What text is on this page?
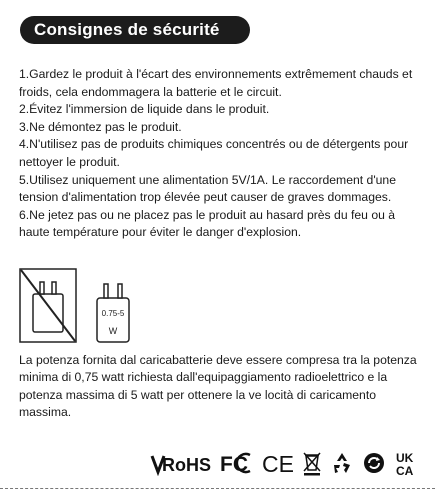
Consignes de sécurité

1.Gardez le produit à l'écart des environnements extrêmement chauds et froids, cela endommagera la batterie et le circuit.

2.Évitez l'immersion de liquide dans le produit.

3.Ne démontez pas le produit.

4.N'utilisez pas de produits chimiques concentrés ou de détergents pour nettoyer le produit.

5.Utilisez uniquement une alimentation 5V/1A. Le raccordement d'une tension d'alimentation trop élevée peut causer de graves dommages.

6.Ne jetez pas ou ne placez pas le produit au hasard près du feu ou à haute température pour éviter le danger d'explosion.

0.75-5
W

La potenza fornita dal caricabatterie deve essere compresa tra la potenza minima di 0,75 watt richiesta dall'equipaggiamento radioelettrico e la potenza massima di 5 watt per ottenere la ve locità di caricamento massima.

RoHS FC CE	UK
CA
